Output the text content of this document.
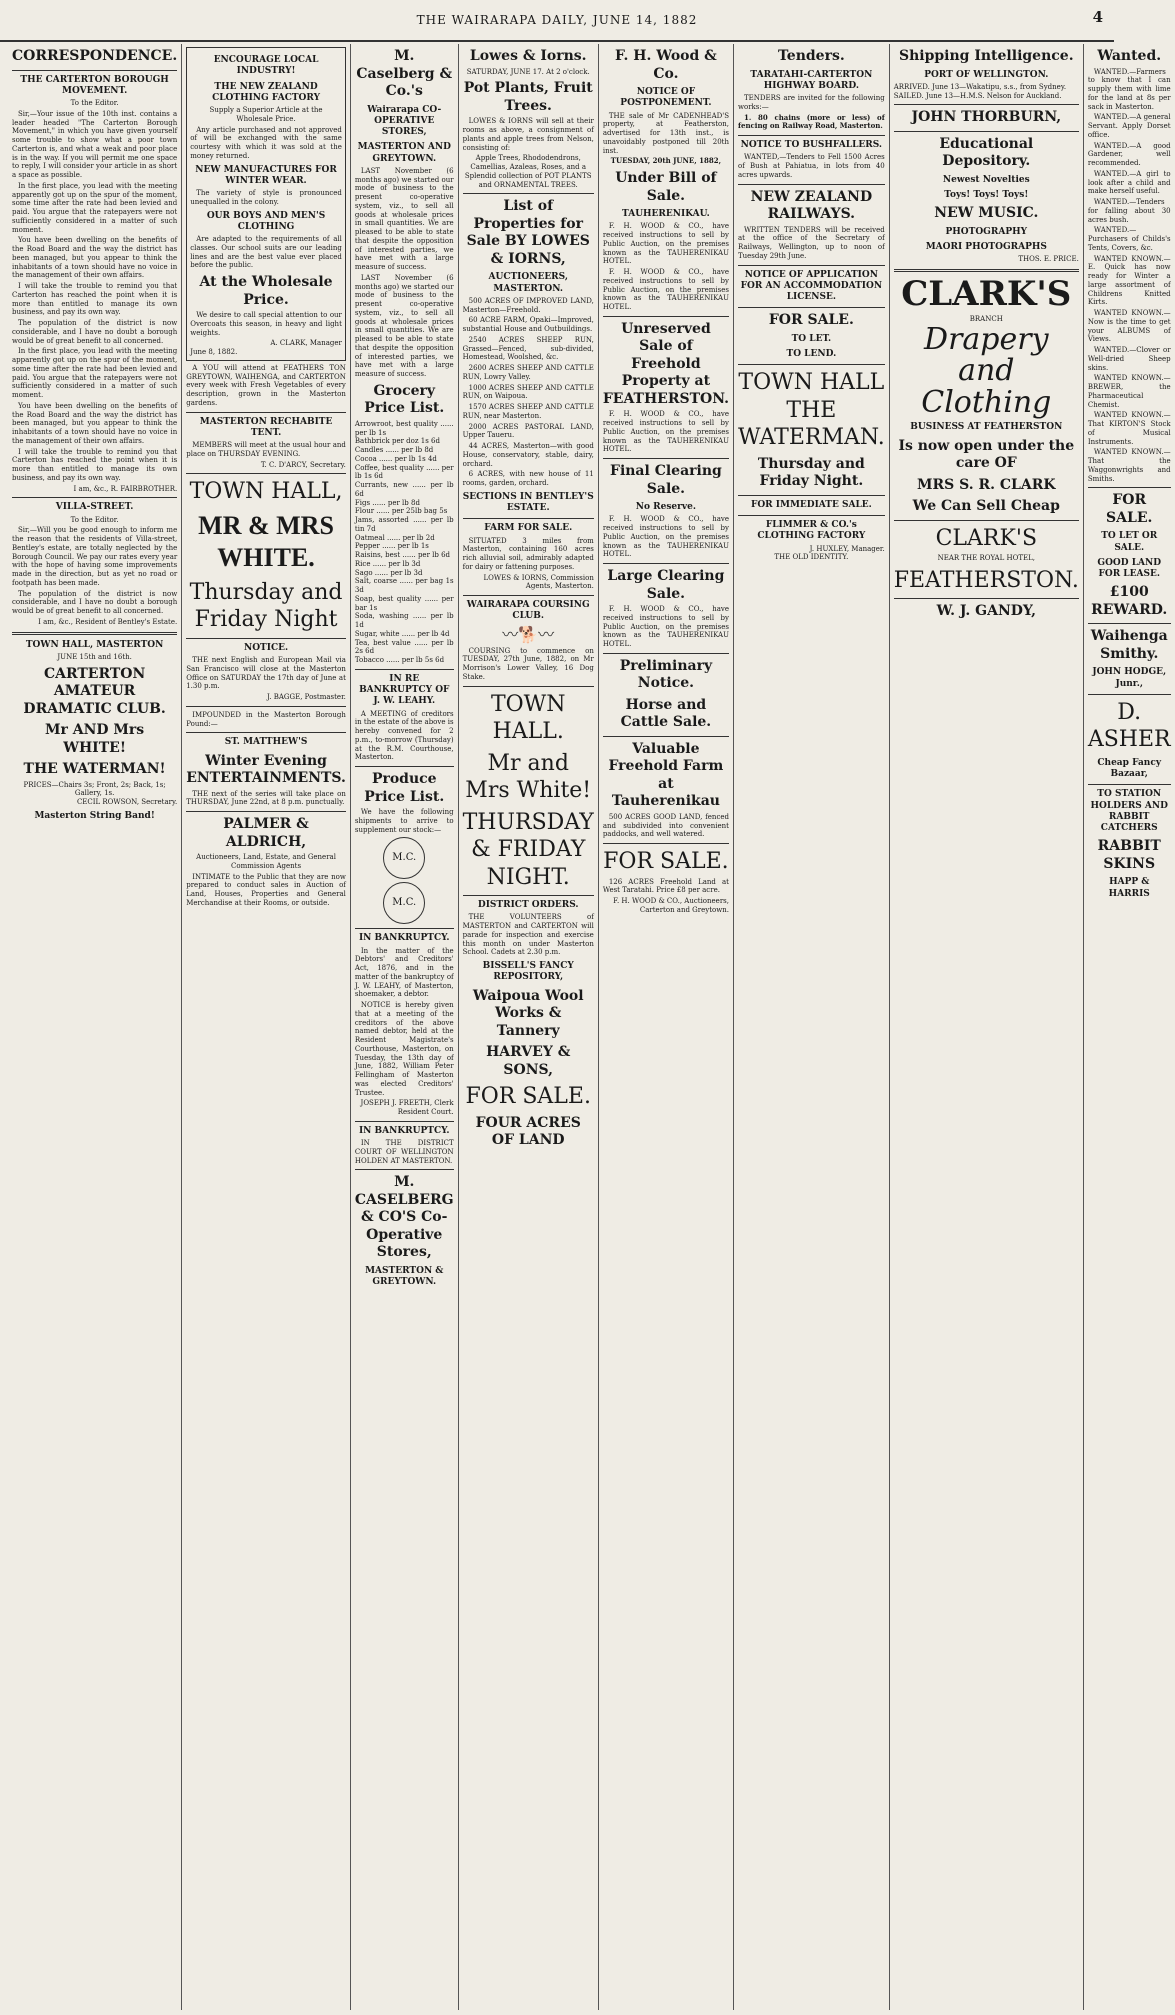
THE WAIRARAPA DAILY, JUNE 14, 1882	4
CORRESPONDENCE.
THE CARTERTON BOROUGH MOVEMENT.
To the Editor.

Sir,—Your issue of the 10th inst. contains a leader headed "The Carterton Borough Movement," in which you have given yourself some trouble to show what a poor town Carterton is, and what a weak and poor place is in the way. If you will permit me one space to reply, I will consider your article in as short a space as possible.

In the first place, you lead with the meeting apparently got up on the spur of the moment, some time after the rate had been levied and paid. You argue that the ratepayers were not sufficiently considered in a matter of such moment.

You have been dwelling on the benefits of the Road Board and the way the district has been managed, but you appear to think the inhabitants of a town should have no voice in the management of their own affairs.

I will take the trouble to remind you that Carterton has reached the point when it is more than entitled to manage its own business, and pay its own way.

The population of the district is now considerable, and I have no doubt a borough would be of great benefit to all concerned.

In the first place, you lead with the meeting apparently got up on the spur of the moment, some time after the rate had been levied and paid. You argue that the ratepayers were not sufficiently considered in a matter of such moment.

You have been dwelling on the benefits of the Road Board and the way the district has been managed, but you appear to think the inhabitants of a town should have no voice in the management of their own affairs.

I will take the trouble to remind you that Carterton has reached the point when it is more than entitled to manage its own business, and pay its own way.

I am, &c., R. FAIRBROTHER.
VILLA-STREET.
To the Editor.

Sir,—Will you be good enough to inform me the reason that the residents of Villa-street, Bentley's estate, are totally neglected by the Borough Council. We pay our rates every year with the hope of having some improvements made in the direction, but as yet no road or footpath has been made.

The population of the district is now considerable, and I have no doubt a borough would be of great benefit to all concerned.

I am, &c., Resident of Bentley's Estate.
TOWN HALL, MASTERTON
JUNE 15th and 16th.
CARTERTON AMATEUR DRAMATIC CLUB.
Mr AND Mrs WHITE!
THE WATERMAN!
PRICES—Chairs 3s; Front, 2s; Back, 1s; Gallery, 1s.
CECIL ROWSON, Secretary.
Masterton String Band!
ENCOURAGE LOCAL INDUSTRY!
THE NEW ZEALAND CLOTHING FACTORY
Supply a Superior Article at the Wholesale Price.

Any article purchased and not approved of will be exchanged with the same courtesy with which it was sold at the money returned.

NEW MANUFACTURES FOR WINTER WEAR.

The variety of style is pronounced unequalled in the colony.

OUR BOYS AND MEN'S CLOTHING

Are adapted to the requirements of all classes. Our school suits are our leading lines and are the best value ever placed before the public.

At the Wholesale Price.

We desire to call special attention to our Overcoats this season, in heavy and light weights.

A. CLARK, Manager
June 8, 1882.

A YOU will attend at FEATHERS TON GREYTOWN, WAIHENGA, and CARTERTON every week with Fresh Vegetables of every description, grown in the Masterton gardens.

MASTERTON RECHABITE TENT.

MEMBERS will meet at the usual hour and place on THURSDAY EVENING.

T. C. D'ARCY, Secretary.
TOWN HALL,
MR & MRS WHITE.
Thursday and Friday Night
NOTICE.

THE next English and European Mail via San Francisco will close at the Masterton Office on SATURDAY the 17th day of June at 1.30 p.m.

J. BAGGE, Postmaster.

IMPOUNDED in the Masterton Borough Pound:—

ST. MATTHEW'S
Winter Evening ENTERTAINMENTS.

THE next of the series will take place on THURSDAY, June 22nd, at 8 p.m. punctually.

PALMER & ALDRICH,
Auctioneers, Land, Estate, and General Commission Agents

INTIMATE to the Public that they are now prepared to conduct sales in Auction of Land, Houses, Properties and General Merchandise at their Rooms, or outside.

M. Caselberg & Co.'s
Wairarapa CO-OPERATIVE STORES,
MASTERTON AND GREYTOWN.

LAST November (6 months ago) we started our mode of business to the present co-operative system, viz., to sell all goods at wholesale prices in small quantities. We are pleased to be able to state that despite the opposition of interested parties, we have met with a large measure of success.

LAST November (6 months ago) we started our mode of business to the present co-operative system, viz., to sell all goods at wholesale prices in small quantities. We are pleased to be able to state that despite the opposition of interested parties, we have met with a large measure of success.

Grocery Price List.
Arrowroot, best quality ...... per lb 1s
Bathbrick per doz 1s 6d
Candles ...... per lb 8d
Cocoa ...... per lb 1s 4d
Coffee, best quality ...... per lb 1s 6d
Currants, new ...... per lb 6d
Figs ...... per lb 8d
Flour ...... per 25lb bag 5s
Jams, assorted ...... per lb tin 7d
Oatmeal ...... per lb 2d
Pepper ...... per lb 1s
Raisins, best ...... per lb 6d
Rice ...... per lb 3d
Sago ...... per lb 3d
Salt, coarse ...... per bag 1s 3d
Soap, best quality ...... per bar 1s
Soda, washing ...... per lb 1d
Sugar, white ...... per lb 4d
Tea, best value ...... per lb 2s 6d
Tobacco ...... per lb 5s 6d
IN RE BANKRUPTCY OF J. W. LEAHY.

A MEETING of creditors in the estate of the above is hereby convened for 2 p.m., to-morrow (Thursday) at the R.M. Courthouse, Masterton.

Produce Price List.

We have the following shipments to arrive to supplement our stock:—

M.C.
M.C.
IN BANKRUPTCY.

In the matter of the Debtors' and Creditors' Act, 1876, and in the matter of the bankruptcy of J. W. LEAHY, of Masterton, shoemaker, a debtor.

NOTICE is hereby given that at a meeting of the creditors of the above named debtor, held at the Resident Magistrate's Courthouse, Masterton, on Tuesday, the 13th day of June, 1882, William Peter Fellingham of Masterton was elected Creditors' Trustee.

JOSEPH J. FREETH, Clerk Resident Court.
IN BANKRUPTCY.

IN THE DISTRICT COURT OF WELLINGTON HOLDEN AT MASTERTON.

M. CASELBERG & CO'S Co-Operative Stores,
MASTERTON & GREYTOWN.
Lowes & Iorns.
SATURDAY, JUNE 17. At 2 o'clock.
Pot Plants, Fruit Trees.

LOWES & IORNS will sell at their rooms as above, a consignment of plants and apple trees from Nelson, consisting of:

Apple Trees, Rhododendrons, Camellias, Azaleas, Roses, and a Splendid collection of POT PLANTS and ORNAMENTAL TREES.
List of Properties for Sale BY LOWES & IORNS,
AUCTIONEERS, MASTERTON.

500 ACRES OF IMPROVED LAND, Masterton—Freehold.

60 ACRE FARM, Opaki—Improved, substantial House and Outbuildings.

2540 ACRES SHEEP RUN, Grassed—Fenced, sub-divided, Homestead, Woolshed, &c.

2600 ACRES SHEEP AND CATTLE RUN, Lowry Valley.

1000 ACRES SHEEP AND CATTLE RUN, on Waipoua.

1570 ACRES SHEEP AND CATTLE RUN, near Masterton.

2000 ACRES PASTORAL LAND, Upper Taueru.

44 ACRES, Masterton—with good House, conservatory, stable, dairy, orchard.

6 ACRES, with new house of 11 rooms, garden, orchard.

SECTIONS IN BENTLEY'S ESTATE.
FARM FOR SALE.

SITUATED 3 miles from Masterton, containing 160 acres rich alluvial soil, admirably adapted for dairy or fattening purposes.

LOWES & IORNS, Commission Agents, Masterton.
WAIRARAPA COURSING CLUB.
〰🐕〰

COURSING to commence on TUESDAY, 27th June, 1882, on Mr Morrison's Lower Valley, 16 Dog Stake.

TOWN HALL.
Mr and Mrs White!
THURSDAY & FRIDAY NIGHT.
DISTRICT ORDERS.

THE VOLUNTEERS of MASTERTON and CARTERTON will parade for inspection and exercise this month on under Masterton School. Cadets at 2.30 p.m.

BISSELL'S FANCY REPOSITORY,
Waipoua Wool Works & Tannery
HARVEY & SONS,
FOR SALE.
FOUR ACRES OF LAND
F. H. Wood & Co.
NOTICE OF POSTPONEMENT.

THE sale of Mr CADENHEAD'S property, at Featherston, advertised for 13th inst., is unavoidably postponed till 20th inst.

TUESDAY, 20th JUNE, 1882,
Under Bill of Sale.
TAUHERENIKAU.

F. H. WOOD & CO., have received instructions to sell by Public Auction, on the premises known as the TAUHERENIKAU HOTEL.

F. H. WOOD & CO., have received instructions to sell by Public Auction, on the premises known as the TAUHERENIKAU HOTEL.

Unreserved Sale of Freehold Property at FEATHERSTON.

F. H. WOOD & CO., have received instructions to sell by Public Auction, on the premises known as the TAUHERENIKAU HOTEL.

Final Clearing Sale.
No Reserve.

F. H. WOOD & CO., have received instructions to sell by Public Auction, on the premises known as the TAUHERENIKAU HOTEL.

Large Clearing Sale.

F. H. WOOD & CO., have received instructions to sell by Public Auction, on the premises known as the TAUHERENIKAU HOTEL.

Preliminary Notice.
Horse and Cattle Sale.
Valuable Freehold Farm at Tauherenikau

500 ACRES GOOD LAND, fenced and subdivided into convenient paddocks, and well watered.

FOR SALE.

126 ACRES Freehold Land at West Taratahi. Price £8 per acre.

F. H. WOOD & CO., Auctioneers, Carterton and Greytown.
Tenders.
TARATAHI-CARTERTON HIGHWAY BOARD.

TENDERS are invited for the following works:—

1. 80 chains (more or less) of fencing on Railway Road, Masterton.

NOTICE TO BUSHFALLERS.

WANTED,—Tenders to Fell 1500 Acres of Bush at Pahiatua, in lots from 40 acres upwards.

NEW ZEALAND RAILWAYS.

WRITTEN TENDERS will be received at the office of the Secretary of Railways, Wellington, up to noon of Tuesday 29th June.

NOTICE OF APPLICATION FOR AN ACCOMMODATION LICENSE.
FOR SALE.
TO LET.
TO LEND.
TOWN HALL THE WATERMAN.
Thursday and Friday Night.
FOR IMMEDIATE SALE.
FLIMMER & CO.'s CLOTHING FACTORY
J. HUXLEY, Manager.
THE OLD IDENTITY.
Shipping Intelligence.
PORT OF WELLINGTON.
ARRIVED. June 13—Wakatipu, s.s., from Sydney.
SAILED. June 13—H.M.S. Nelson for Auckland.
JOHN THORBURN,
Educational Depository.
Newest Novelties
Toys! Toys! Toys!
NEW MUSIC.
PHOTOGRAPHY
MAORI PHOTOGRAPHS
THOS. E. PRICE.
CLARK'S
BRANCH
Drapery and Clothing
BUSINESS AT FEATHERSTON
Is now open under the care OF
MRS S. R. CLARK
We Can Sell Cheap
CLARK'S
NEAR THE ROYAL HOTEL,
FEATHERSTON.
W. J. GANDY,
Wanted.

WANTED.—Farmers to know that I can supply them with lime for the land at 8s per sack in Masterton.

WANTED.—A general Servant. Apply Dorset office.

WANTED.—A good Gardener, well recommended.

WANTED.—A girl to look after a child and make herself useful.

WANTED.—Tenders for falling about 30 acres bush.

WANTED.—Purchasers of Childs's Tents, Covers, &c.

WANTED KNOWN.—E. Quick has now ready for Winter a large assortment of Childrens Knitted Kirts.

WANTED KNOWN.—Now is the time to get your ALBUMS of Views.

WANTED.—Clover or Well-dried Sheep skins.

WANTED KNOWN.—BREWER, the Pharmaceutical Chemist.

WANTED KNOWN.—That KIRTON'S Stock of Musical Instruments.

WANTED KNOWN.—That the Waggonwrights and Smiths.

FOR SALE.
TO LET OR SALE.
GOOD LAND FOR LEASE.
£100 REWARD.
Waihenga Smithy.
JOHN HODGE, Junr.,
D. ASHER
Cheap Fancy Bazaar,
TO STATION HOLDERS AND RABBIT CATCHERS
RABBIT SKINS
HAPP & HARRIS
